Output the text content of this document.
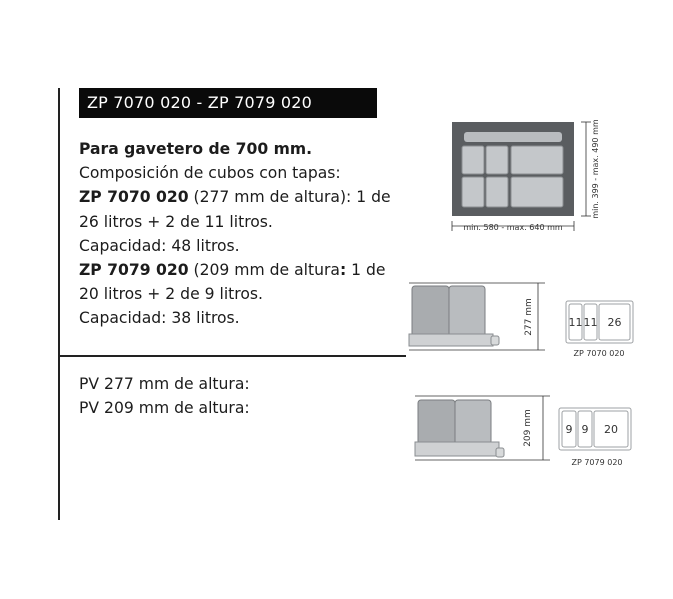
ZP 7070 020 - ZP 7079 020
Para gavetero de 700 mm.
Composición de cubos con tapas:
ZP 7070 020 (277 mm de altura): 1 de
26 litros + 2 de 11 litros.
Capacidad: 48 litros.
ZP 7079 020 (209 mm de altura: 1 de
20 litros + 2 de 9 litros.
Capacidad: 38 litros.
PV 277 mm de altura:
PV 209 mm de altura:
min. 580 - max. 640 mm
min. 399 - max. 490 mm
277 mm	11 11 26
ZP 7070 020
209 mm	9 9 20
ZP 7079 020
